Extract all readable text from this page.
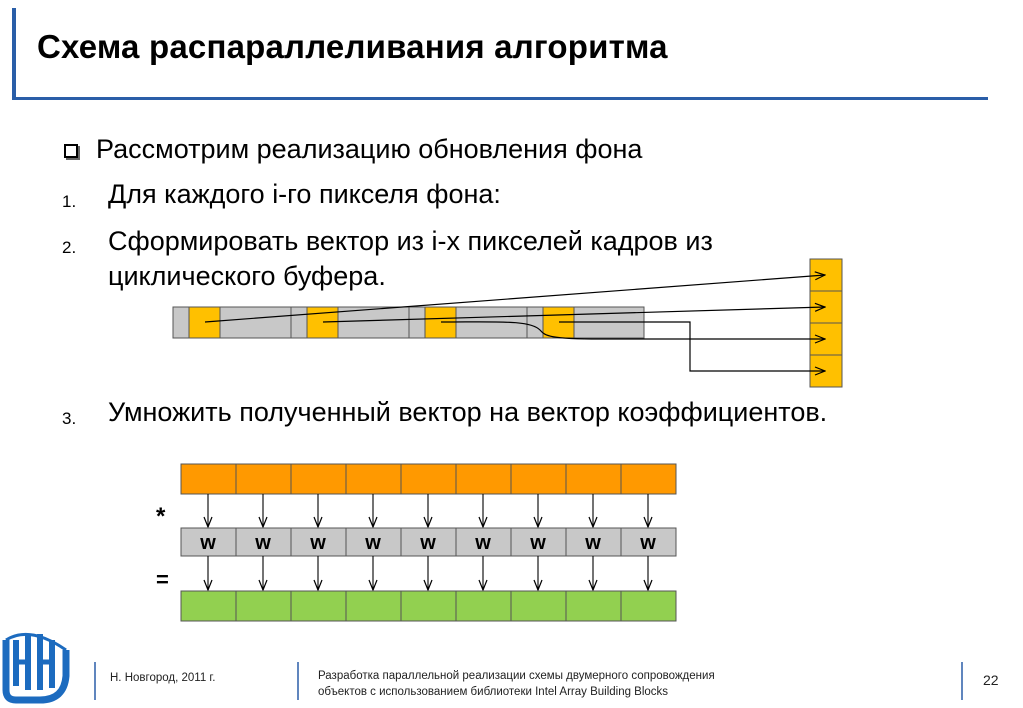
Схема распараллеливания алгоритма
Рассмотрим реализацию обновления фона
1. Для каждого i-го пикселя фона:
2. Сформировать вектор из i-х пикселей кадров из
циклического буфера.
3. Умножить полученный вектор на вектор коэффициентов.
w w w w w w w w w
*
=
Н. Новгород, 2011 г.	Разработка параллельной реализации схемы двумерного сопровождения
объектов с использованием библиотеки Intel Array Building Blocks
22
